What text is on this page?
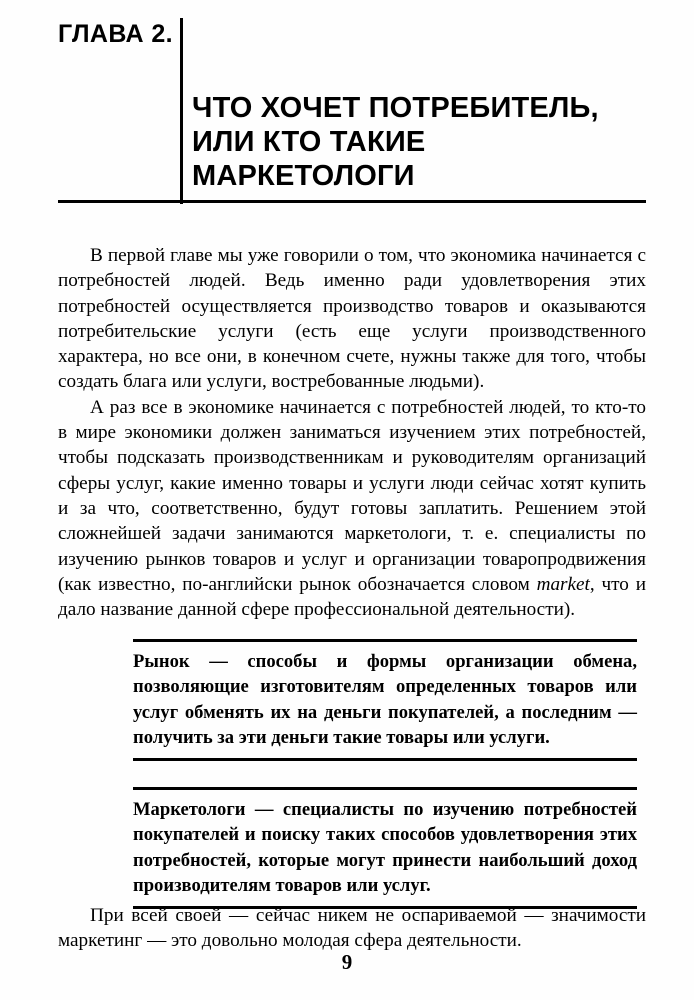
ГЛАВА 2.
ЧТО ХОЧЕТ ПОТРЕБИТЕЛЬ,
ИЛИ КТО ТАКИЕ
МАРКЕТОЛОГИ

В первой главе мы уже говорили о том, что экономика начинается с потребностей людей. Ведь именно ради удовлетворения этих потребностей осуществляется производство товаров и оказываются потребительские услуги (есть еще услуги производственного характера, но все они, в конечном счете, нужны также для того, чтобы создать блага или услуги, востребованные людьми).

А раз все в экономике начинается с потребностей людей, то кто-то в мире экономики должен заниматься изучением этих потребностей, чтобы подсказать производственникам и руководителям организаций сферы услуг, какие именно товары и услуги люди сейчас хотят купить и за что, соответственно, будут готовы заплатить. Решением этой сложнейшей задачи занимаются маркетологи, т. е. специалисты по изучению рынков товаров и услуг и организации товаропродвижения (как известно, по-английски рынок обозначается словом market, что и дало название данной сфере профессиональной деятельности).

Рынок — способы и формы организации обмена, позволяющие изготовителям определенных товаров или услуг обменять их на деньги покупателей, а последним — получить за эти деньги такие товары или услуги.

Маркетологи — специалисты по изучению потребностей покупателей и поиску таких способов удовлетворения этих потребностей, которые могут принести наибольший доход производителям товаров или услуг.

При всей своей — сейчас никем не оспариваемой — значимости маркетинг — это довольно молодая сфера деятельности.

9
